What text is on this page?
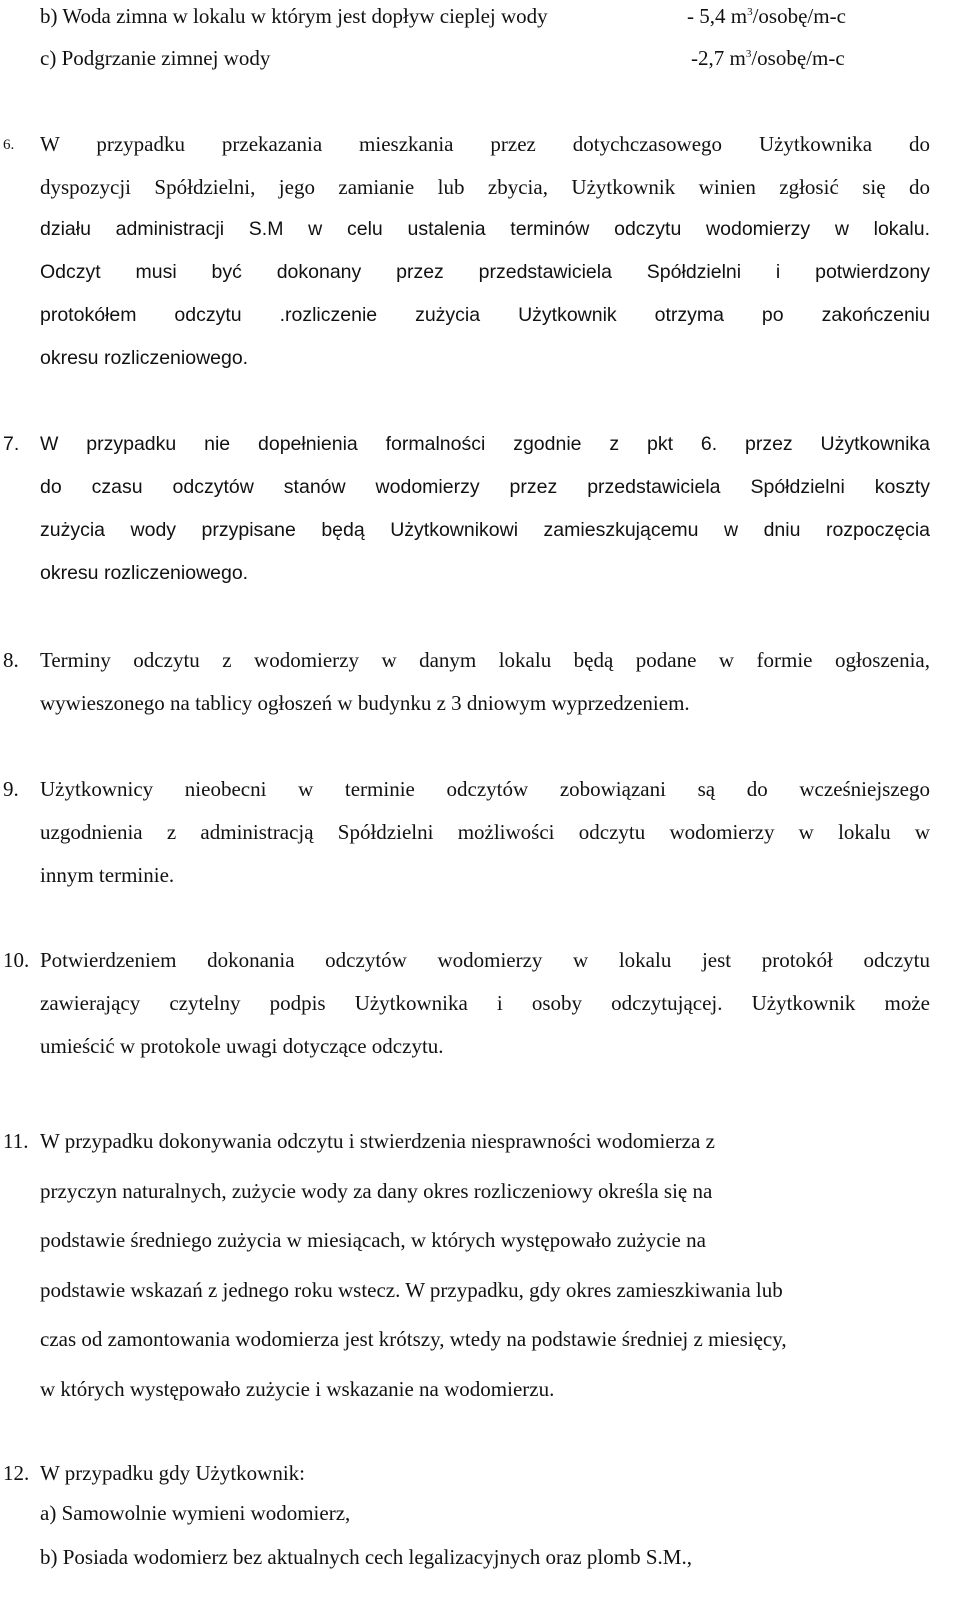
b) Woda zimna w lokalu w którym jest dopływ cieplej wody	- 5,4 $m^3/osobę/m-c$
c) Podgrzanie zimnej wody	-2,7 $m^3/osobę/m-c$
6. W przypadku przekazania mieszkania przez dotychczasowego Użytkownika do
dyspozycji Spółdzielni, jego zamianie lub zbycia, Użytkownik winien zgłosić się do
działu administracji S.M w celu ustalenia terminów odczytu wodomierzy w lokalu.
Odczyt musi być dokonany przez przedstawiciela Spółdzielni i potwierdzony
protokółem odczytu .rozliczenie zużycia Użytkownik otrzyma po zakończeniu
okresu rozliczeniowego.
7. W przypadku nie dopełnienia formalności zgodnie z pkt 6. przez Użytkownika
do czasu odczytów stanów wodomierzy przez przedstawiciela Spółdzielni koszty
zużycia wody przypisane będą Użytkownikowi zamieszkującemu w dniu rozpoczęcia
okresu rozliczeniowego.
8. Terminy odczytu z wodomierzy w danym lokalu będą podane w formie ogłoszenia,
wywieszonego na tablicy ogłoszeń w budynku z 3 dniowym wyprzedzeniem.
9. Użytkownicy nieobecni w terminie odczytów zobowiązani są do wcześniejszego
uzgodnienia z administracją Spółdzielni możliwości odczytu wodomierzy w lokalu w
innym terminie.
10. Potwierdzeniem dokonania odczytów wodomierzy w lokalu jest protokół odczytu
zawierający czytelny podpis Użytkownika i osoby odczytującej. Użytkownik może
umieścić w protokole uwagi dotyczące odczytu.
11. W przypadku dokonywania odczytu i stwierdzenia niesprawności wodomierza z
przyczyn naturalnych, zużycie wody za dany okres rozliczeniowy określa się na
podstawie średniego zużycia w miesiącach, w których występowało zużycie na
podstawie wskazań z jednego roku wstecz. W przypadku, gdy okres zamieszkiwania lub
czas od zamontowania wodomierza jest krótszy, wtedy na podstawie średniej z miesięcy,
w których występowało zużycie i wskazanie na wodomierzu.
12. W przypadku gdy Użytkownik:
a) Samowolnie wymieni wodomierz,
b) Posiada wodomierz bez aktualnych cech legalizacyjnych oraz plomb S.M.,
